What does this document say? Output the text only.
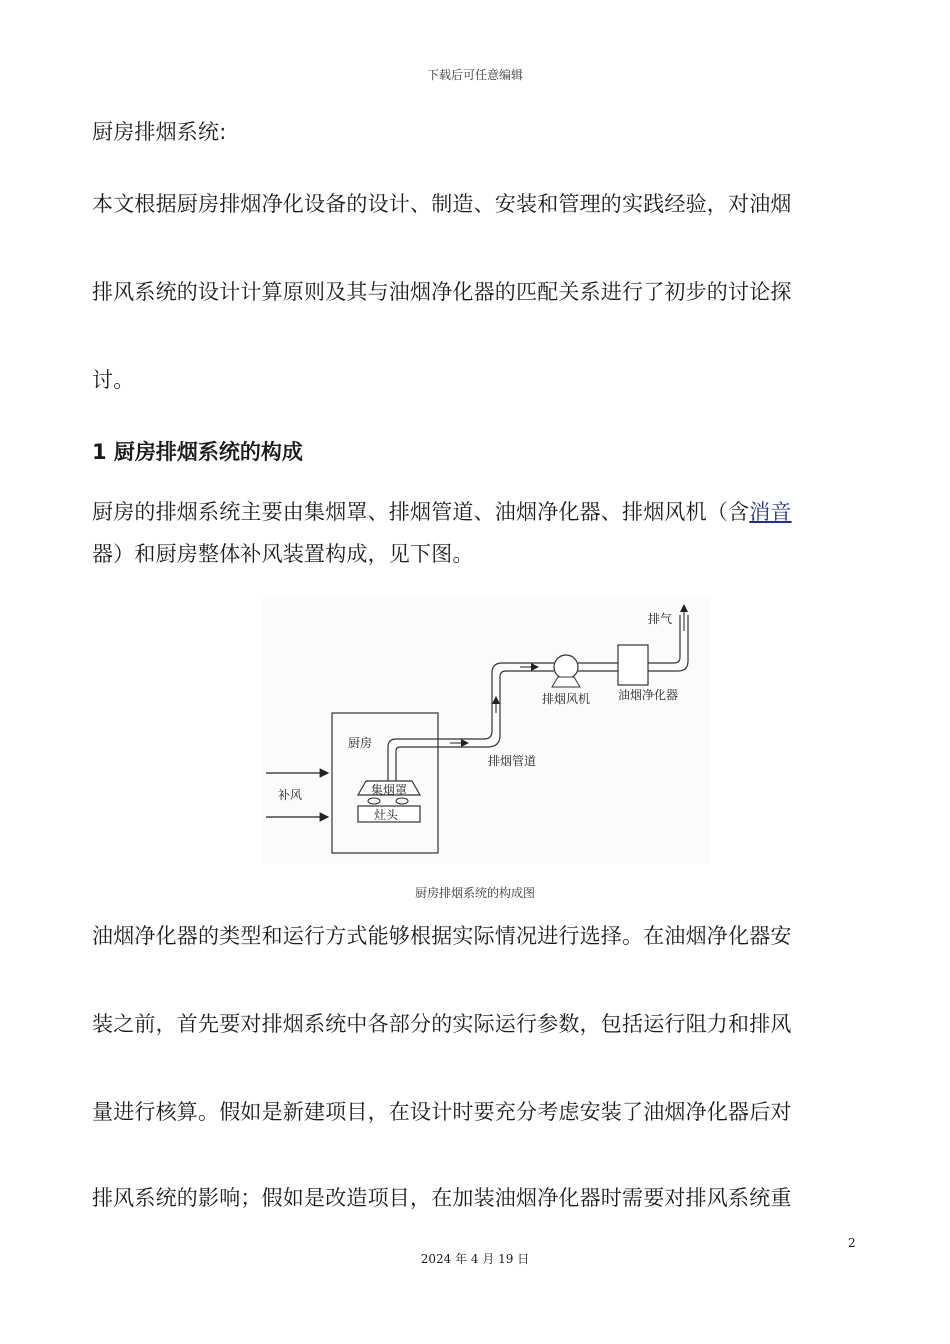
下载后可任意编辑
厨房排烟系统:
本文根据厨房排烟净化设备的设计、制造、安装和管理的实践经验，对油烟
排风系统的设计计算原则及其与油烟净化器的匹配关系进行了初步的讨论探
讨。
1 厨房排烟系统的构成
厨房的排烟系统主要由集烟罩、排烟管道、油烟净化器、排烟风机（含消音
器）和厨房整体补风装置构成，见下图。
厨房
集烟罩
灶头
补风
排烟管道
排烟风机 油烟净化器
排气
厨房排烟系统的构成图
油烟净化器的类型和运行方式能够根据实际情况进行选择。在油烟净化器安
装之前，首先要对排烟系统中各部分的实际运行参数，包括运行阻力和排风
量进行核算。假如是新建项目，在设计时要充分考虑安装了油烟净化器后对
排风系统的影响；假如是改造项目，在加装油烟净化器时需要对排风系统重
2
2024 年 4 月 19 日
